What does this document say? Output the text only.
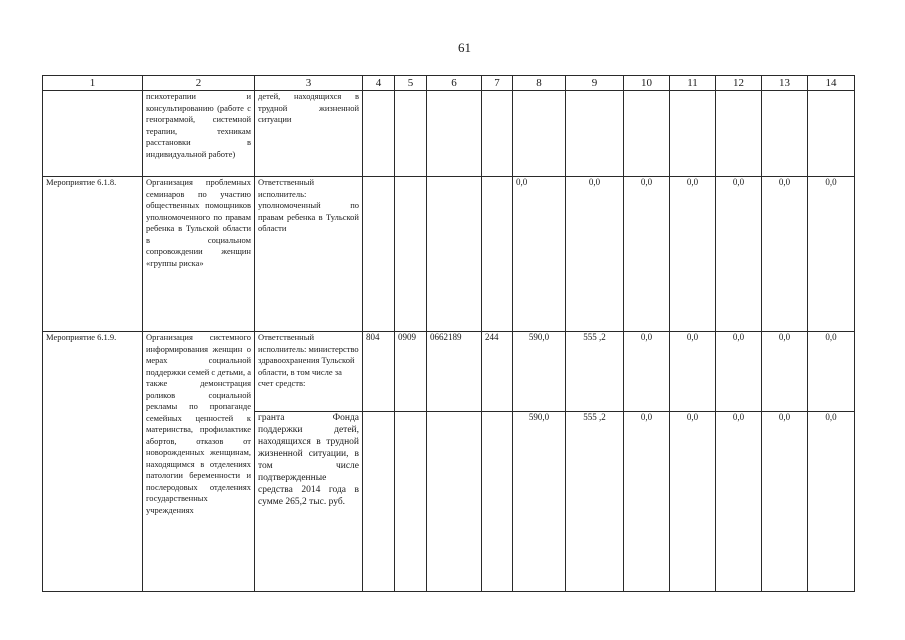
61
1	2	3	4	5	6	7	8	9	10	11	12	13	14
	психотерапии и консультированию (работе с генограммой, системной терапии, техникам расстановки в индивидуальной работе)	детей, находящихся в трудной жизненной ситуации											
Мероприятие 6.1.8.	Организация проблемных семинаров по участию общественных помощников уполномоченного по правам ребенка в Тульской области в социальном сопровождении женщин «группы риска»	Ответственный исполнитель: уполномоченный по правам ребенка в Тульской области					0,0	0,0	0,0	0,0	0,0	0,0	0,0
Мероприятие 6.1.9.	Организация системного информирования женщин о мерах социальной поддержки семей с детьми, а также демонстрация роликов социальной рекламы по пропаганде семейных ценностей к материнства, профилактике абортов, отказов от новорожденных женщинам, находящимся в отделениях патологии беременности и послеродовых отделениях государственных учреждениях	Ответственный исполнитель: министерство здравоохранения Тульской области, в том числе за счет средств:	804	0909	0662189	244	590,0	555 ,2	0,0	0,0	0,0	0,0	0,0
		гранта Фонда поддержки детей, находящихся в трудной жизненной ситуации, в том числе подтвержденные средства 2014 года в сумме 265,2 тыс. руб.					590,0	555 ,2	0,0	0,0	0,0	0,0	0,0
